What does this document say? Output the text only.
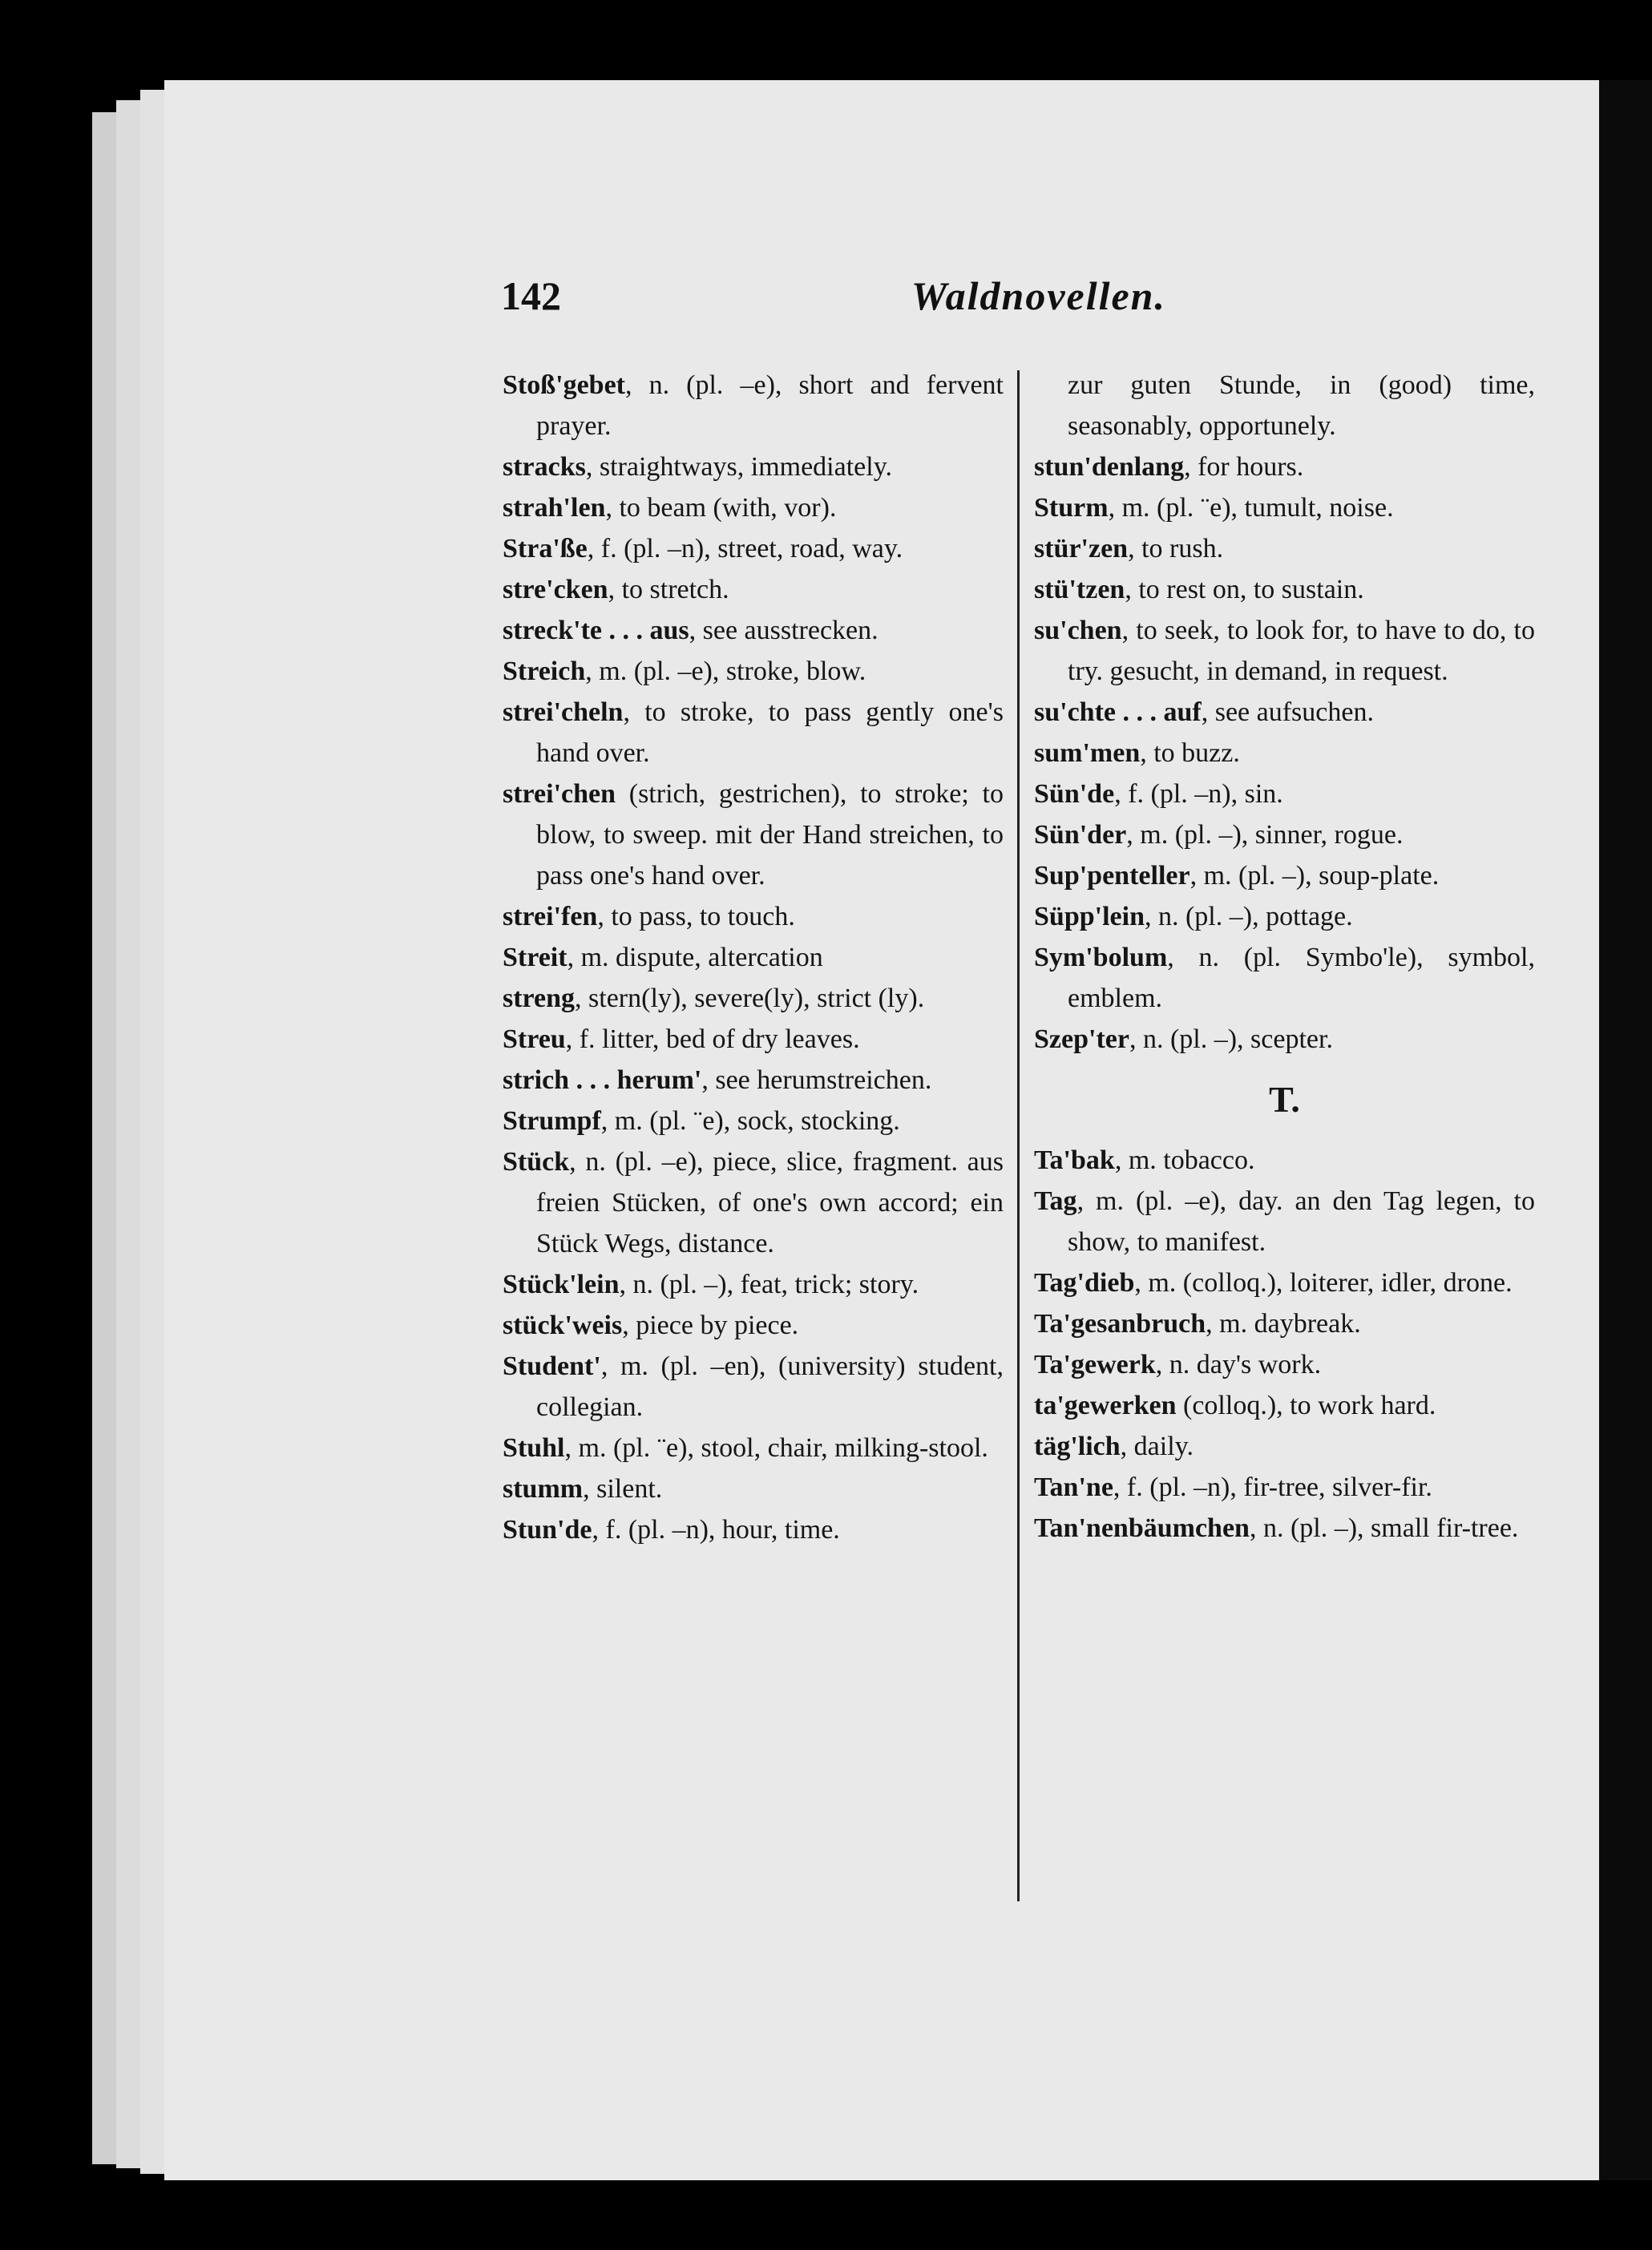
142	Waldnovellen.

Stoß'gebet, n. (pl. –e), short and fervent prayer.

stracks, straightways, immediately.

strah'len, to beam (with, vor).

Stra'ße, f. (pl. –n), street, road, way.

stre'cken, to stretch.

streck'te . . . aus, see ausstrecken.

Streich, m. (pl. –e), stroke, blow.

strei'cheln, to stroke, to pass gently one's hand over.

strei'chen (strich, gestrichen), to stroke; to blow, to sweep. mit der Hand streichen, to pass one's hand over.

strei'fen, to pass, to touch.

Streit, m. dispute, altercation

streng, stern(ly), severe(ly), strict (ly).

Streu, f. litter, bed of dry leaves.

strich . . . herum', see herumstreichen.

Strumpf, m. (pl. ¨e), sock, stocking.

Stück, n. (pl. –e), piece, slice, fragment. aus freien Stücken, of one's own accord; ein Stück Wegs, distance.

Stück'lein, n. (pl. –), feat, trick; story.

stück'weis, piece by piece.

Student', m. (pl. –en), (university) student, collegian.

Stuhl, m. (pl. ¨e), stool, chair, milking-stool.

stumm, silent.

Stun'de, f. (pl. –n), hour, time.

zur guten Stunde, in (good) time, seasonably, opportunely.

stun'denlang, for hours.

Sturm, m. (pl. ¨e), tumult, noise.

stür'zen, to rush.

stü'tzen, to rest on, to sustain.

su'chen, to seek, to look for, to have to do, to try. gesucht, in demand, in request.

su'chte . . . auf, see aufsuchen.

sum'men, to buzz.

Sün'de, f. (pl. –n), sin.

Sün'der, m. (pl. –), sinner, rogue.

Sup'penteller, m. (pl. –), soup-plate.

Süpp'lein, n. (pl. –), pottage.

Sym'bolum, n. (pl. Symbo'le), symbol, emblem.

Szep'ter, n. (pl. –), scepter.

T.

Ta'bak, m. tobacco.

Tag, m. (pl. –e), day. an den Tag legen, to show, to manifest.

Tag'dieb, m. (colloq.), loiterer, idler, drone.

Ta'gesanbruch, m. daybreak.

Ta'gewerk, n. day's work.

ta'gewerken (colloq.), to work hard.

täg'lich, daily.

Tan'ne, f. (pl. –n), fir-tree, silver-fir.

Tan'nenbäumchen, n. (pl. –), small fir-tree.
